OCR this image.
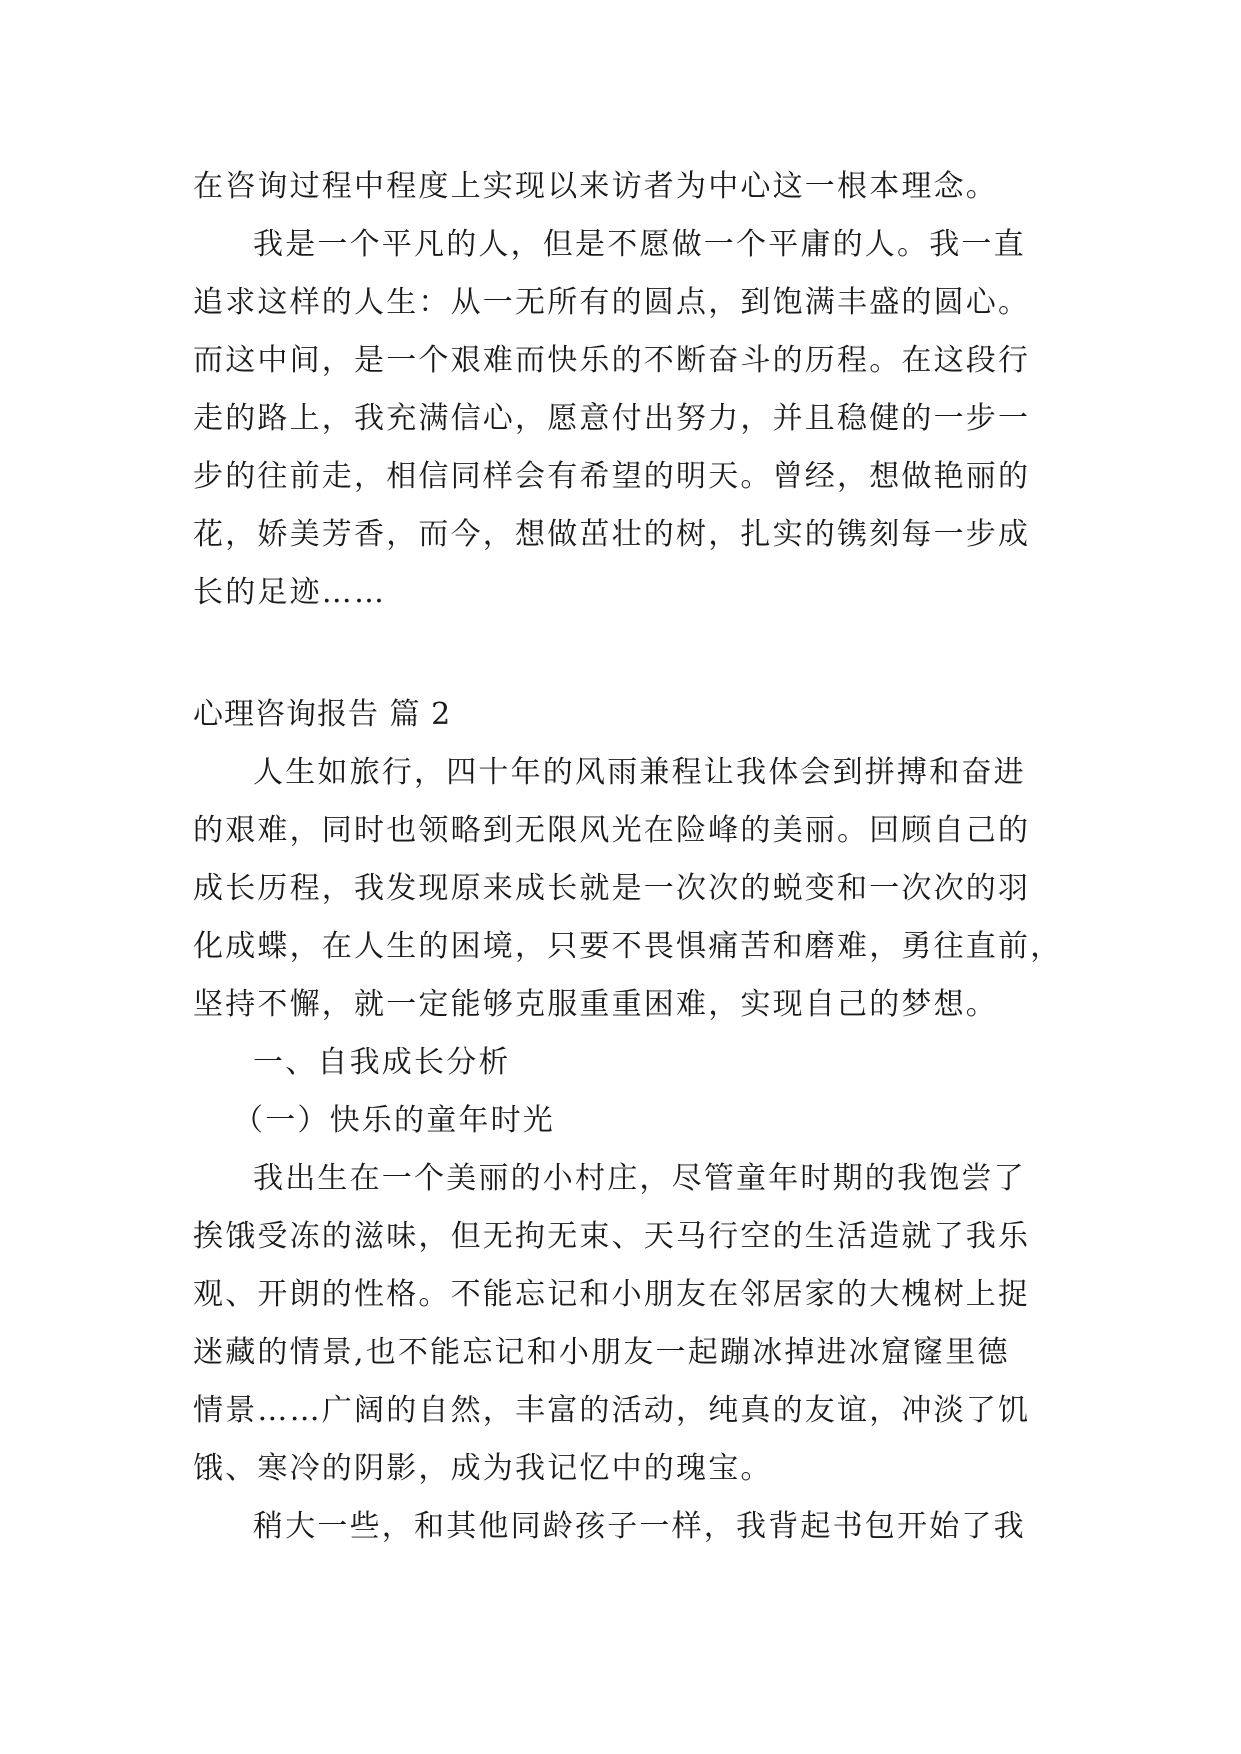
在咨询过程中程度上实现以来访者为中心这一根本理念。
我是一个平凡的人，但是不愿做一个平庸的人。我一直
追求这样的人生：从一无所有的圆点，到饱满丰盛的圆心。
而这中间，是一个艰难而快乐的不断奋斗的历程。在这段行
走的路上，我充满信心，愿意付出努力，并且稳健的一步一
步的往前走，相信同样会有希望的明天。曾经，想做艳丽的
花，娇美芳香，而今，想做茁壮的树，扎实的镌刻每一步成
长的足迹……
心理咨询报告 篇 2
人生如旅行，四十年的风雨兼程让我体会到拼搏和奋进
的艰难，同时也领略到无限风光在险峰的美丽。回顾自己的
成长历程，我发现原来成长就是一次次的蜕变和一次次的羽
化成蝶，在人生的困境，只要不畏惧痛苦和磨难，勇往直前，
坚持不懈，就一定能够克服重重困难，实现自己的梦想。
一、自我成长分析
（一）快乐的童年时光
我出生在一个美丽的小村庄，尽管童年时期的我饱尝了
挨饿受冻的滋味，但无拘无束、天马行空的生活造就了我乐
观、开朗的性格。不能忘记和小朋友在邻居家的大槐树上捉
迷藏的情景,也不能忘记和小朋友一起蹦冰掉进冰窟窿里德
情景……广阔的自然，丰富的活动，纯真的友谊，冲淡了饥
饿、寒冷的阴影，成为我记忆中的瑰宝。
稍大一些，和其他同龄孩子一样，我背起书包开始了我
